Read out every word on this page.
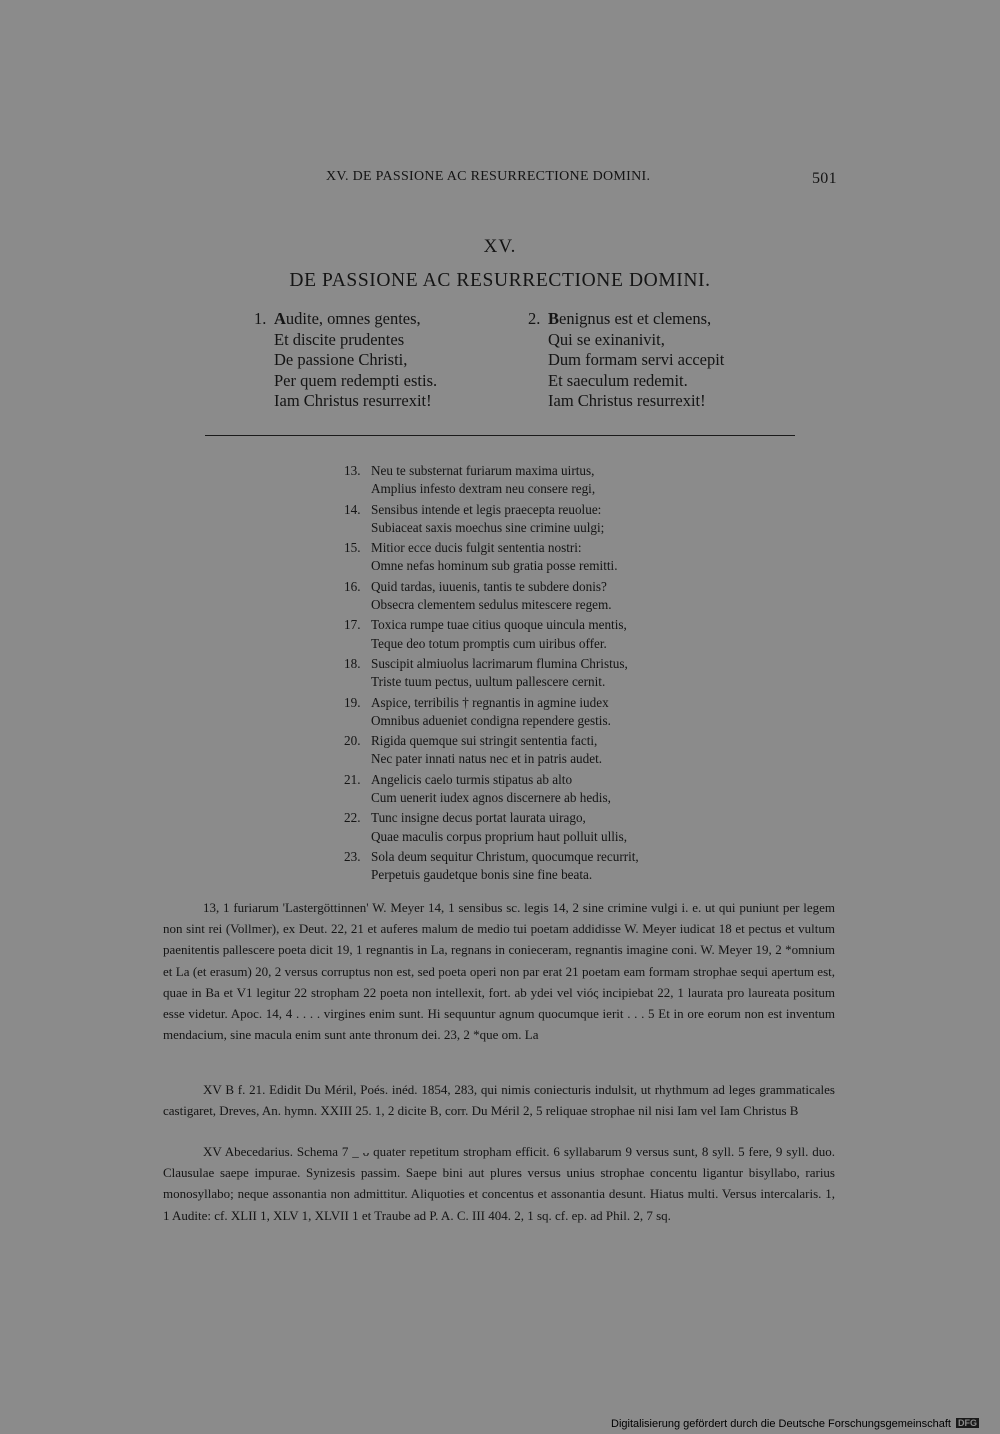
XV. DE PASSIONE AC RESURRECTIONE DOMINI.	501
XV.
DE PASSIONE AC RESURRECTIONE DOMINI.
1. Audite, omnes gentes,
Et discite prudentes
De passione Christi,
Per quem redempti estis.
Iam Christus resurrexit!
2. Benignus est et clemens,
Qui se exinanivit,
Dum formam servi accepit
Et saeculum redemit.
Iam Christus resurrexit!
13. Neu te substernat furiarum maxima uirtus,
Amplius infesto dextram neu consere regi,
14. Sensibus intende et legis praecepta reuolue:
Subiaceat saxis moechus sine crimine uulgi;
15. Mitior ecce ducis fulgit sententia nostri:
Omne nefas hominum sub gratia posse remitti.
16. Quid tardas, iuuenis, tantis te subdere donis?
Obsecra clementem sedulus mitescere regem.
17. Toxica rumpe tuae citius quoque uincula mentis,
Teque deo totum promptis cum uiribus offer.
18. Suscipit almiuolus lacrimarum flumina Christus,
Triste tuum pectus, uultum pallescere cernit.
19. Aspice, terribilis † regnantis in agmine iudex
Omnibus adueniet condigna rependere gestis.
20. Rigida quemque sui stringit sententia facti,
Nec pater innati natus nec et in patris audet.
21. Angelicis caelo turmis stipatus ab alto
Cum uenerit iudex agnos discernere ab hedis,
22. Tunc insigne decus portat laurata uirago,
Quae maculis corpus proprium haut polluit ullis,
23. Sola deum sequitur Christum, quocumque recurrit,
Perpetuis gaudetque bonis sine fine beata.

13, 1 furiarum 'Lastergöttinnen' W. Meyer 14, 1 sensibus sc. legis 14, 2 sine crimine vulgi i. e. ut qui puniunt per legem non sint rei (Vollmer), ex Deut. 22, 21 et auferes malum de medio tui poetam addidisse W. Meyer iudicat 18 et pectus et vultum paenitentis pallescere poeta dicit 19, 1 regnantis in La, regnans in conieceram, regnantis imagine coni. W. Meyer 19, 2 *omnium et La (et erasum) 20, 2 versus corruptus non est, sed poeta operi non par erat 21 poetam eam formam strophae sequi apertum est, quae in Ba et V1 legitur 22 stropham 22 poeta non intellexit, fort. ab ydei vel vióς incipiebat 22, 1 laurata pro laureata positum esse videtur. Apoc. 14, 4 . . . . virgines enim sunt. Hi sequuntur agnum quocumque ierit . . . 5 Et in ore eorum non est inventum mendacium, sine macula enim sunt ante thronum dei. 23, 2 *que om. La

XV B f. 21. Edidit Du Méril, Poés. inéd. 1854, 283, qui nimis coniecturis indulsit, ut rhythmum ad leges grammaticales castigaret, Dreves, An. hymn. XXIII 25. 1, 2 dicite B, corr. Du Méril 2, 5 reliquae strophae nil nisi Iam vel Iam Christus B

XV Abecedarius. Schema 7 _ ᴗ quater repetitum stropham efficit. 6 syllabarum 9 versus sunt, 8 syll. 5 fere, 9 syll. duo. Clausulae saepe impurae. Synizesis passim. Saepe bini aut plures versus unius strophae concentu ligantur bisyllabo, rarius monosyllabo; neque assonantia non admittitur. Aliquoties et concentus et assonantia desunt. Hiatus multi. Versus intercalaris. 1, 1 Audite: cf. XLII 1, XLV 1, XLVII 1 et Traube ad P. A. C. III 404. 2, 1 sq. cf. ep. ad Phil. 2, 7 sq.

Digitalisierung gefördert durch die Deutsche Forschungsgemeinschaft DFG
